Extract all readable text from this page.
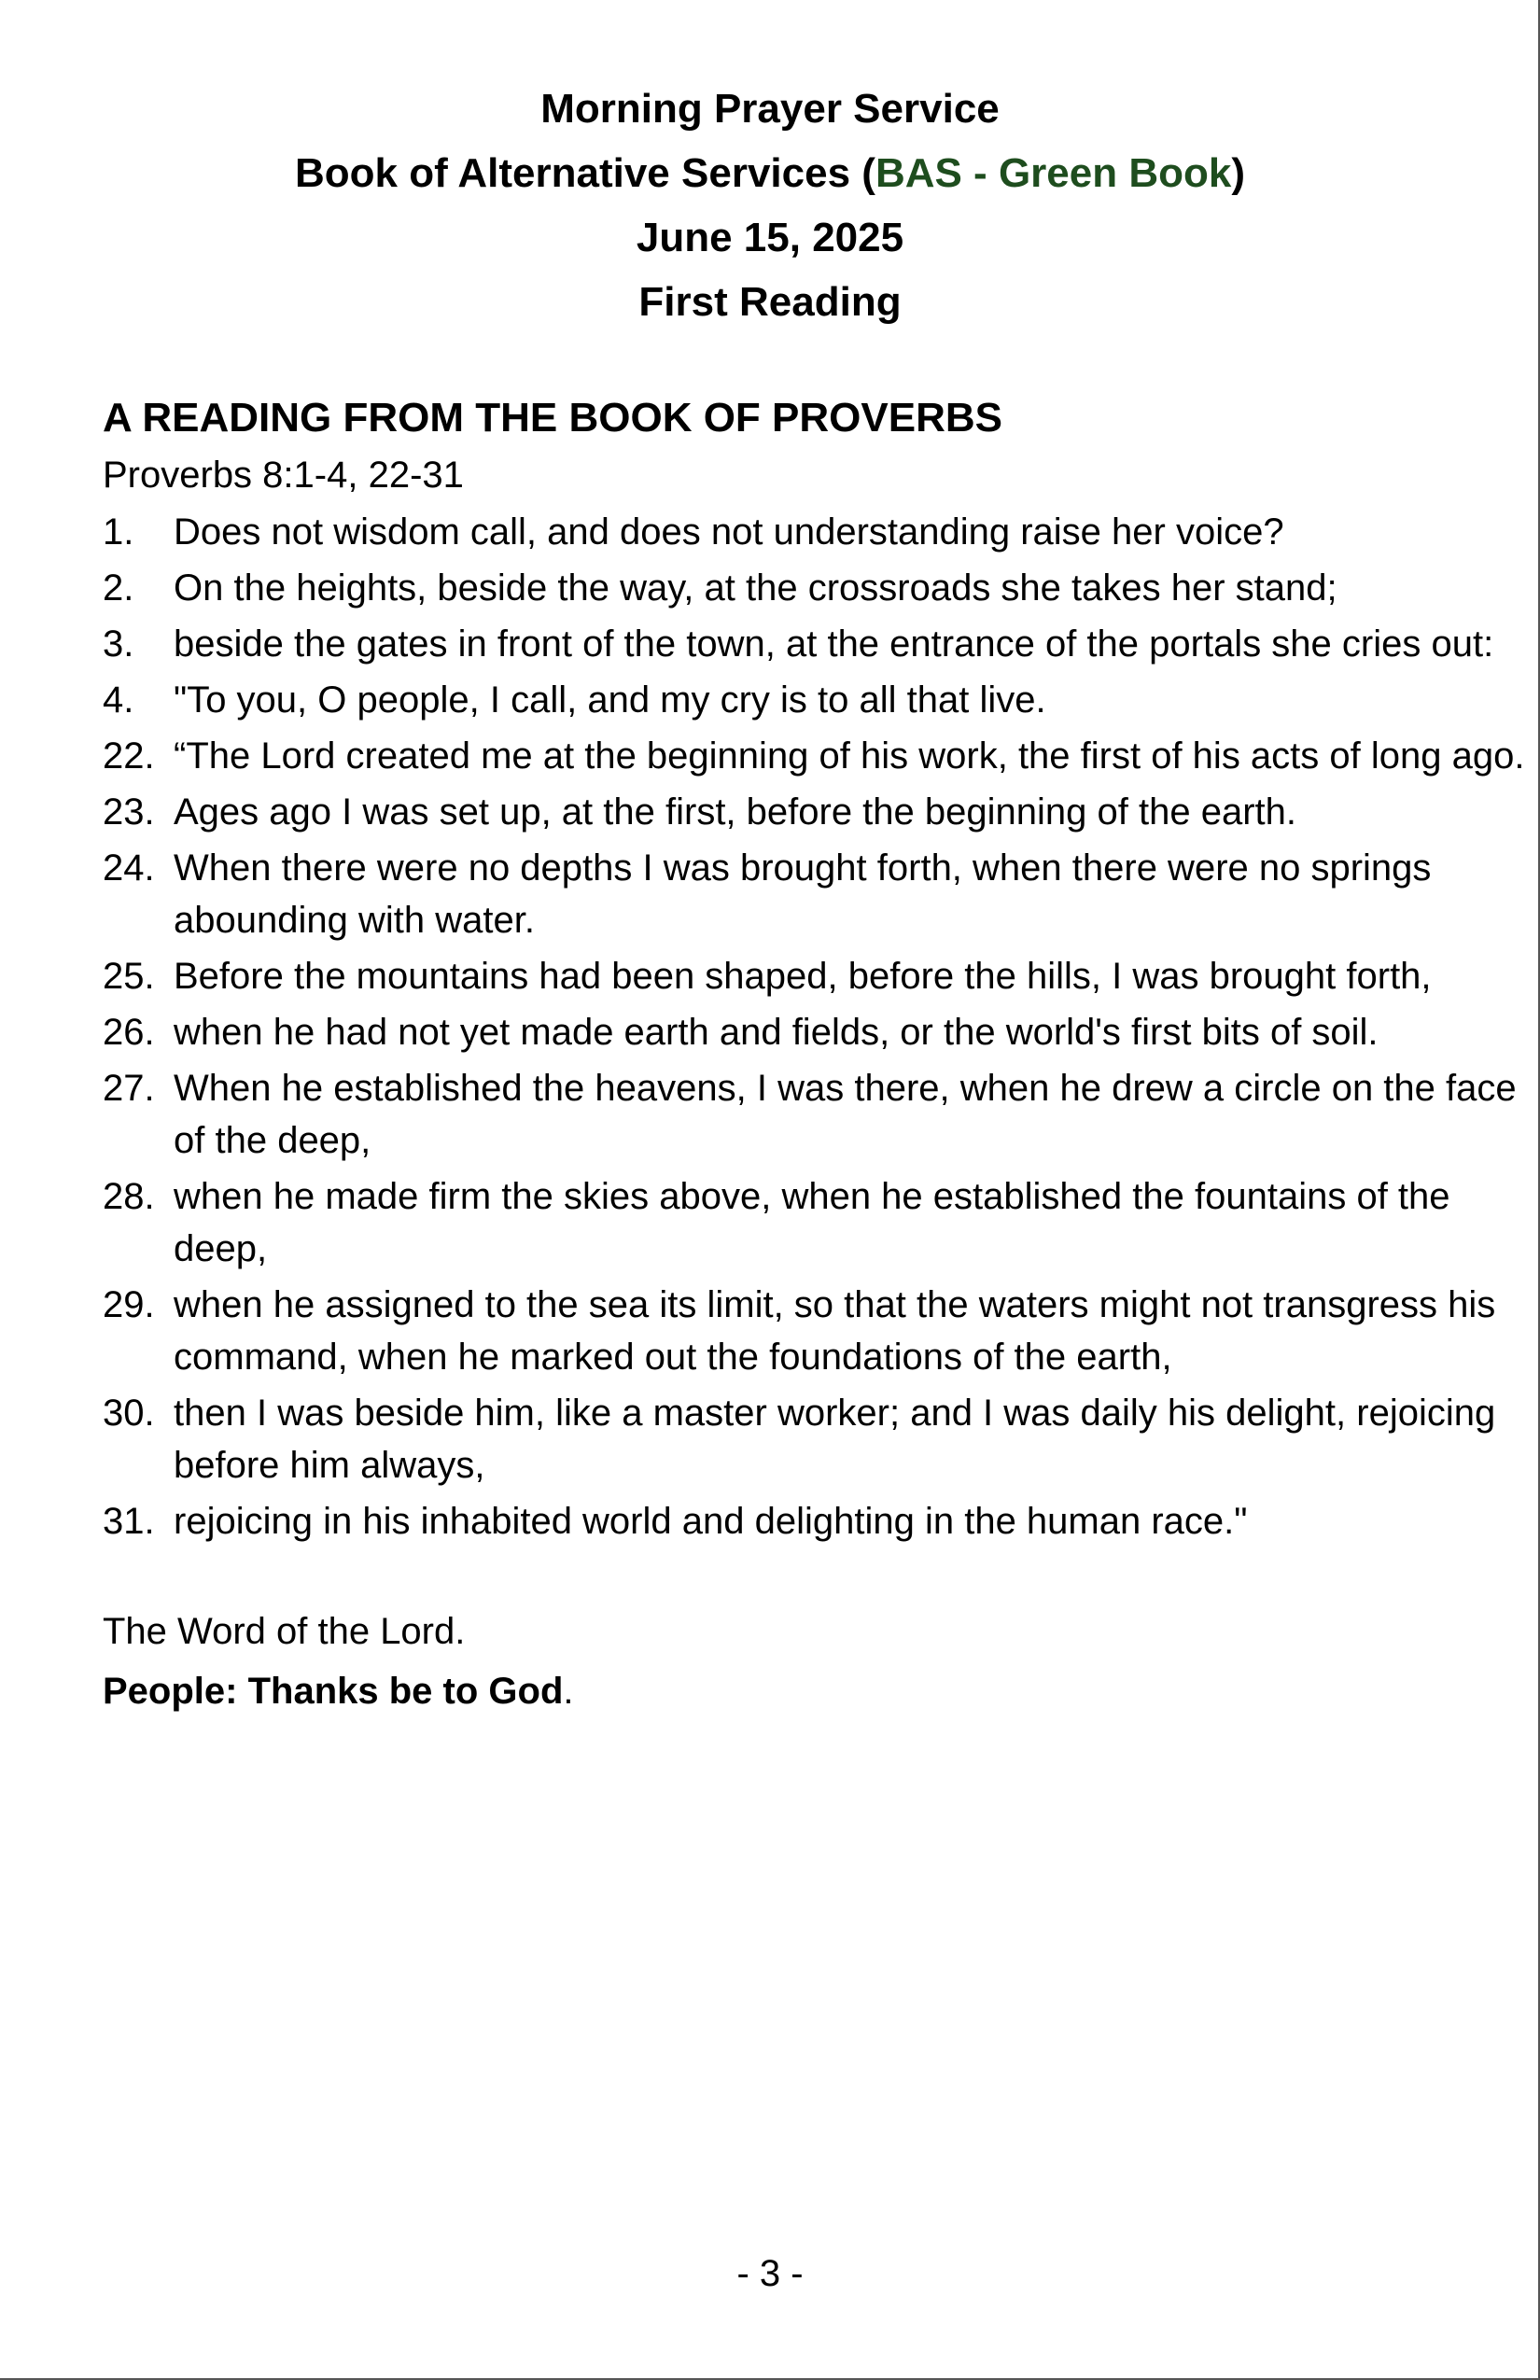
Morning Prayer Service
Book of Alternative Services (BAS - Green Book)
June 15, 2025
First Reading

A READING FROM THE BOOK OF PROVERBS

Proverbs 8:1-4, 22-31

1. Does not wisdom call, and does not understanding raise her voice?
2. On the heights, beside the way, at the crossroads she takes her stand;
3. beside the gates in front of the town, at the entrance of the portals she cries out:
4. "To you, O people, I call, and my cry is to all that live.
22. “The Lord created me at the beginning of his work, the first of his acts of long ago.
23. Ages ago I was set up, at the first, before the beginning of the earth.
24. When there were no depths I was brought forth, when there were no springs abounding with water.
25. Before the mountains had been shaped, before the hills, I was brought forth,
26. when he had not yet made earth and fields, or the world's first bits of soil.
27. When he established the heavens, I was there, when he drew a circle on the face of the deep,
28. when he made firm the skies above, when he established the fountains of the deep,
29. when he assigned to the sea its limit, so that the waters might not transgress his command, when he marked out the foundations of the earth,
30. then I was beside him, like a master worker; and I was daily his delight, rejoicing before him always,
31. rejoicing in his inhabited world and delighting in the human race."
The Word of the Lord.
People: Thanks be to God.
- 3 -
